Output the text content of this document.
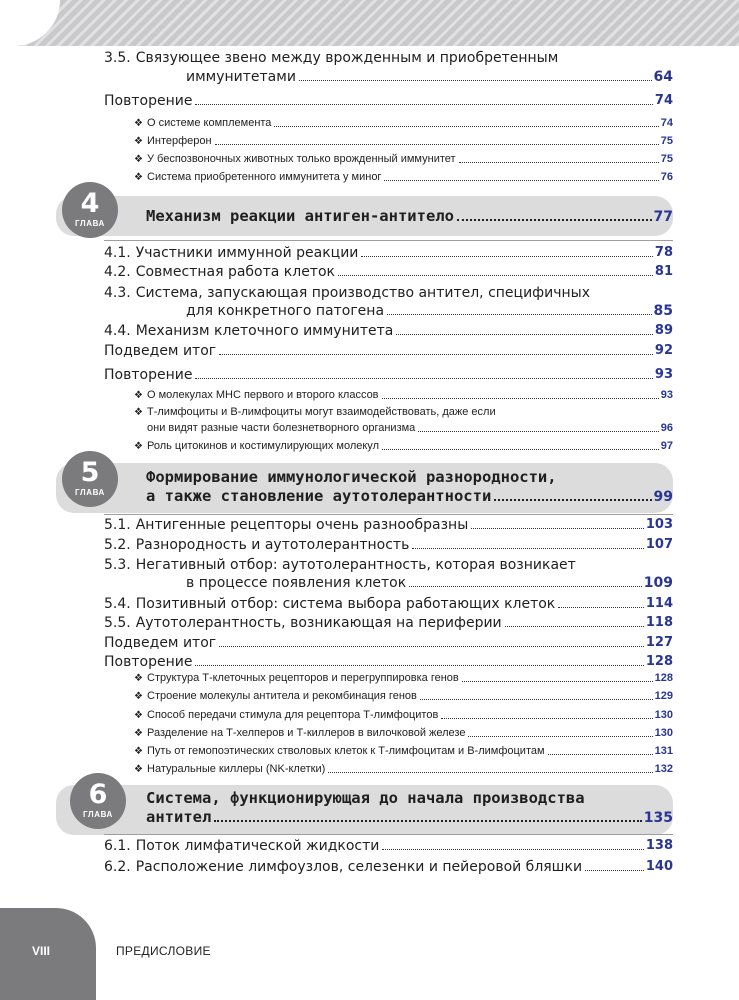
3.5. Связующее звено между врожденным и приобретенным
иммунитетами	64
Повторение	74
❖ О системе комплемента	74
❖ Интерферон	75
❖ У беспозвоночных животных только врожденный иммунитет	75
❖ Система приобретенного иммунитета у миног	76
4
ГЛАВА	Механизм реакции антиген-антитело	77
4.1. Участники иммунной реакции	78
4.2. Совместная работа клеток	81
4.3. Система, запускающая производство антител, специфичных
для конкретного патогена	85
4.4. Механизм клеточного иммунитета	89
Подведем итог	92
Повторение	93
❖ О молекулах МНС первого и второго классов	93
❖ Т-лимфоциты и В-лимфоциты могут взаимодействовать, даже если
они видят разные части болезнетворного организма	96
❖ Роль цитокинов и костимулирующих молекул	97
5
ГЛАВА
Формирование иммунологической разнородности,
а также становление аутотолерантности	99
5.1. Антигенные рецепторы очень разнообразны	103
5.2. Разнородность и аутотолерантность	107
5.3. Негативный отбор: аутотолерантность, которая возникает
в процессе появления клеток	109
5.4. Позитивный отбор: система выбора работающих клеток	114
5.5. Аутотолерантность, возникающая на периферии	118
Подведем итог	127
Повторение	128
❖ Структура Т-клеточных рецепторов и перегруппировка генов	128
❖ Строение молекулы антитела и рекомбинация генов	129
❖ Способ передачи стимула для рецептора Т-лимфоцитов	130
❖ Разделение на Т-хелперов и Т-киллеров в вилочковой железе	130
❖ Путь от гемопоэтических стволовых клеток к Т-лимфоцитам и В-лимфоцитам	131
❖ Натуральные киллеры (NK-клетки)	132
6
ГЛАВА
Система, функционирующая до начала производства
антител	135
6.1. Поток лимфатической жидкости	138
6.2. Расположение лимфоузлов, селезенки и пейеровой бляшки	140
VIII	ПРЕДИСЛОВИЕ
